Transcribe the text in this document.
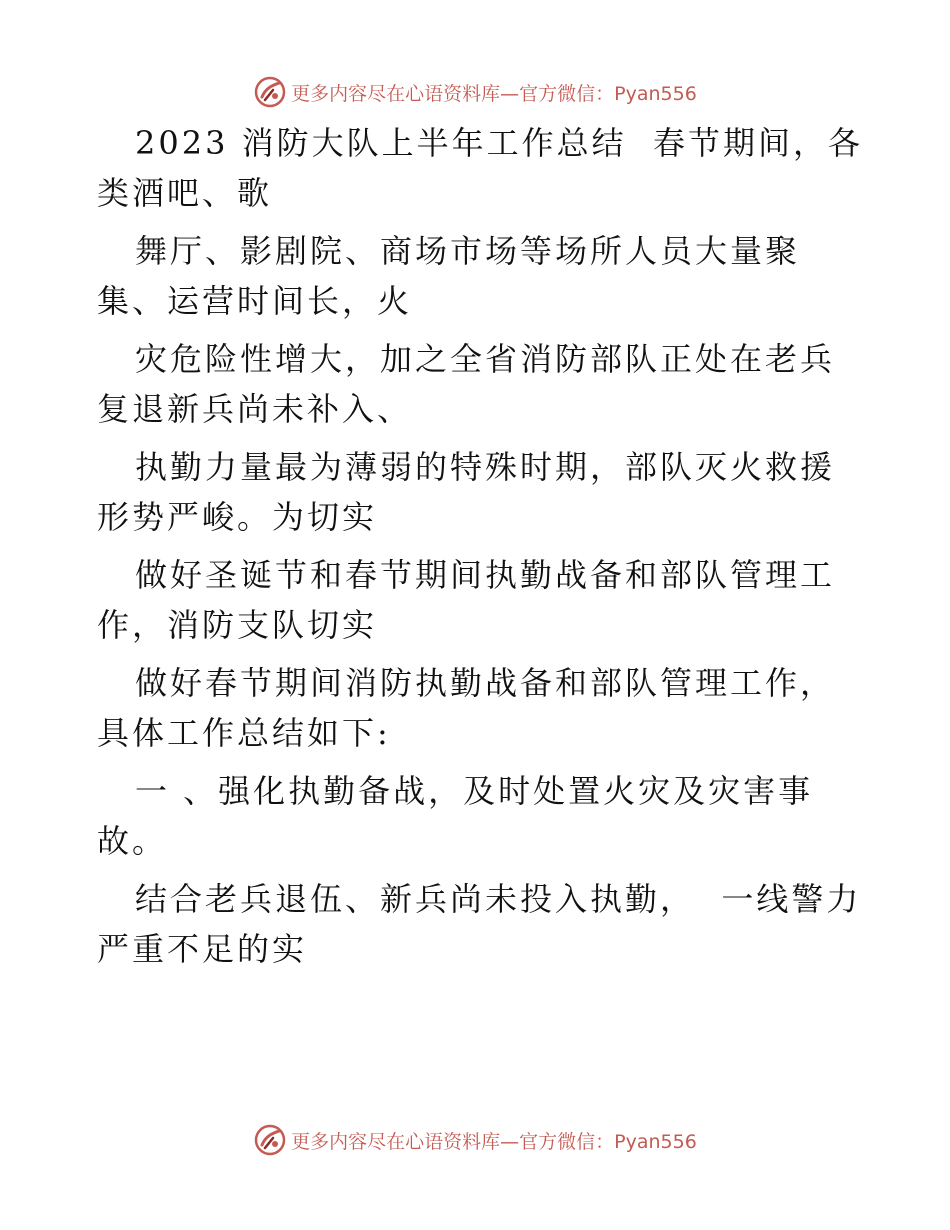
更多内容尽在心语资料库—官方微信：Pyan556

2023 消防大队上半年工作总结  春节期间，各类酒吧、歌

舞厅、影剧院、商场市场等场所人员大量聚集、运营时间长，火

灾危险性增大，加之全省消防部队正处在老兵复退新兵尚未补入、

执勤力量最为薄弱的特殊时期，部队灭火救援形势严峻。为切实

做好圣诞节和春节期间执勤战备和部队管理工作，消防支队切实

做好春节期间消防执勤战备和部队管理工作，具体工作总结如下:

一 、强化执勤备战，及时处置火灾及灾害事故。

结合老兵退伍、新兵尚未投入执勤，  一线警力严重不足的实

更多内容尽在心语资料库—官方微信：Pyan556
